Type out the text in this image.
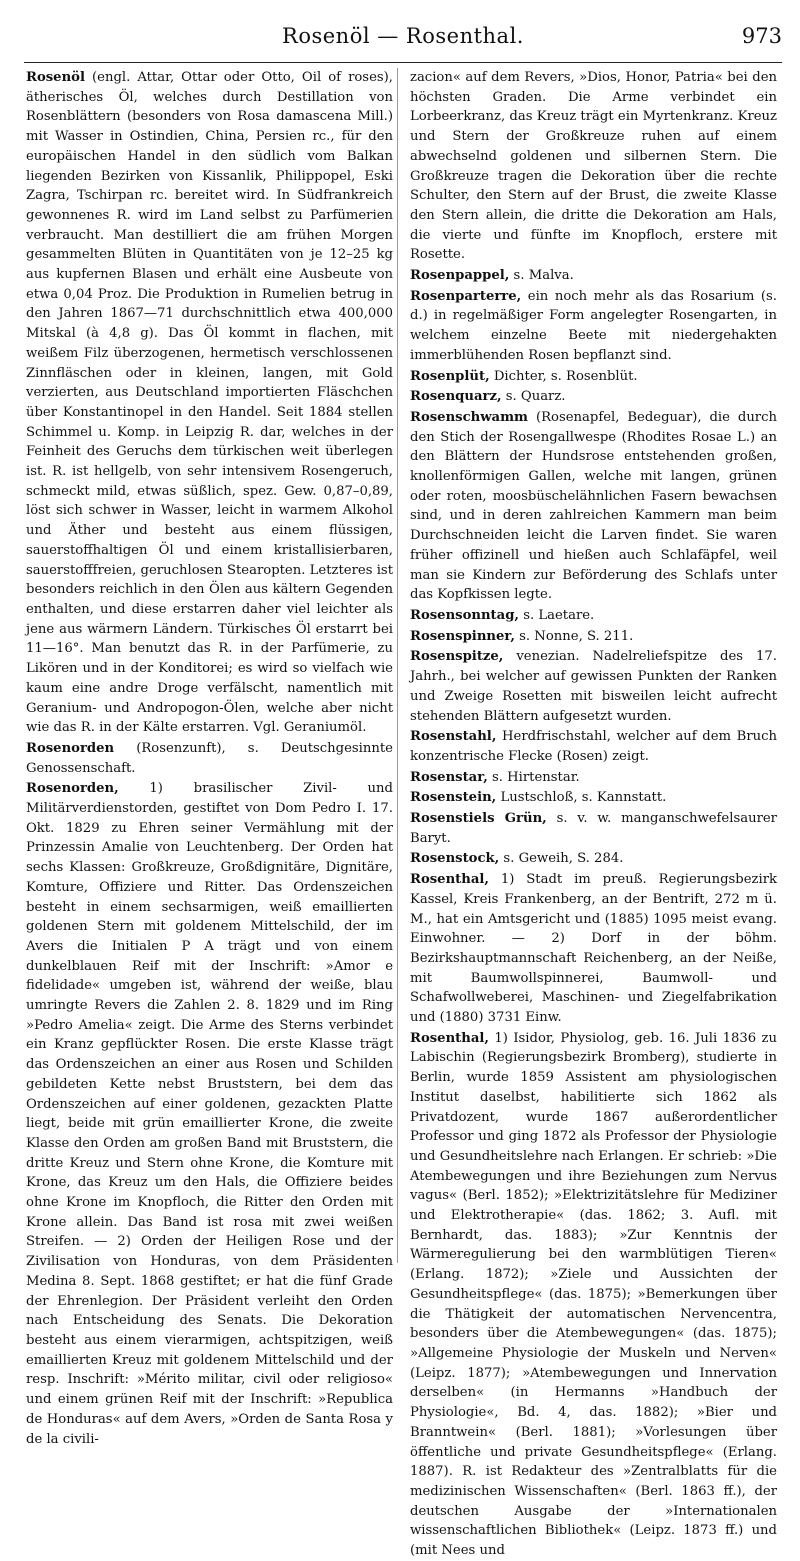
Rosenöl — Rosenthal.	973
Rosenöl (engl. Attar, Ottar oder Otto, Oil of roses), ätherisches Öl, welches durch Destillation von Rosenblättern (besonders von Rosa damascena Mill.) mit Wasser in Ostindien, China, Persien rc., für den europäischen Handel in den südlich vom Balkan liegenden Bezirken von Kissanlik, Philippopel, Eski Zagra, Tschirpan rc. bereitet wird. In Südfrankreich gewonnenes R. wird im Land selbst zu Parfümerien verbraucht. Man destilliert die am frühen Morgen gesammelten Blüten in Quantitäten von je 12–25 kg aus kupfernen Blasen und erhält eine Ausbeute von etwa 0,04 Proz. Die Produktion in Rumelien betrug in den Jahren 1867—71 durchschnittlich etwa 400,000 Mitskal (à 4,8 g). Das Öl kommt in flachen, mit weißem Filz überzogenen, hermetisch verschlossenen Zinnfläschen oder in kleinen, langen, mit Gold verzierten, aus Deutschland importierten Fläschchen über Konstantinopel in den Handel. Seit 1884 stellen Schimmel u. Komp. in Leipzig R. dar, welches in der Feinheit des Geruchs dem türkischen weit überlegen ist. R. ist hellgelb, von sehr intensivem Rosengeruch, schmeckt mild, etwas süßlich, spez. Gew. 0,87–0,89, löst sich schwer in Wasser, leicht in warmem Alkohol und Äther und besteht aus einem flüssigen, sauerstoffhaltigen Öl und einem kristallisierbaren, sauerstofffreien, geruchlosen Stearopten. Letzteres ist besonders reichlich in den Ölen aus kältern Gegenden enthalten, und diese erstarren daher viel leichter als jene aus wärmern Ländern. Türkisches Öl erstarrt bei 11—16°. Man benutzt das R. in der Parfümerie, zu Likören und in der Konditorei; es wird so vielfach wie kaum eine andre Droge verfälscht, namentlich mit Geranium- und Andropogon-Ölen, welche aber nicht wie das R. in der Kälte erstarren. Vgl. Geraniumöl.
Rosenorden (Rosenzunft), s. Deutschgesinnte Genossenschaft.
Rosenorden, 1) brasilischer Zivil- und Militärverdienstorden, gestiftet von Dom Pedro I. 17. Okt. 1829 zu Ehren seiner Vermählung mit der Prinzessin Amalie von Leuchtenberg. Der Orden hat sechs Klassen: Großkreuze, Großdignitäre, Dignitäre, Komture, Offiziere und Ritter. Das Ordenszeichen besteht in einem sechsarmigen, weiß emaillierten goldenen Stern mit goldenem Mittelschild, der im Avers die Initialen P A trägt und von einem dunkelblauen Reif mit der Inschrift: »Amor e fidelidade« umgeben ist, während der weiße, blau umringte Revers die Zahlen 2. 8. 1829 und im Ring »Pedro Amelia« zeigt. Die Arme des Sterns verbindet ein Kranz gepflückter Rosen. Die erste Klasse trägt das Ordenszeichen an einer aus Rosen und Schilden gebildeten Kette nebst Bruststern, bei dem das Ordenszeichen auf einer goldenen, gezackten Platte liegt, beide mit grün emaillierter Krone, die zweite Klasse den Orden am großen Band mit Bruststern, die dritte Kreuz und Stern ohne Krone, die Komture mit Krone, das Kreuz um den Hals, die Offiziere beides ohne Krone im Knopfloch, die Ritter den Orden mit Krone allein. Das Band ist rosa mit zwei weißen Streifen. — 2) Orden der Heiligen Rose und der Zivilisation von Honduras, von dem Präsidenten Medina 8. Sept. 1868 gestiftet; er hat die fünf Grade der Ehrenlegion. Der Präsident verleiht den Orden nach Entscheidung des Senats. Die Dekoration besteht aus einem vierarmigen, achtspitzigen, weiß emaillierten Kreuz mit goldenem Mittelschild und der resp. Inschrift: »Mérito militar, civil oder religioso« und einem grünen Reif mit der Inschrift: »Republica de Honduras« auf dem Avers, »Orden de Santa Rosa y de la civili-
zacion« auf dem Revers, »Dios, Honor, Patria« bei den höchsten Graden. Die Arme verbindet ein Lorbeerkranz, das Kreuz trägt ein Myrtenkranz. Kreuz und Stern der Großkreuze ruhen auf einem abwechselnd goldenen und silbernen Stern. Die Großkreuze tragen die Dekoration über die rechte Schulter, den Stern auf der Brust, die zweite Klasse den Stern allein, die dritte die Dekoration am Hals, die vierte und fünfte im Knopfloch, erstere mit Rosette.
Rosenpappel, s. Malva.
Rosenparterre, ein noch mehr als das Rosarium (s. d.) in regelmäßiger Form angelegter Rosengarten, in welchem einzelne Beete mit niedergehakten immerblühenden Rosen bepflanzt sind.
Rosenplüt, Dichter, s. Rosenblüt.
Rosenquarz, s. Quarz.
Rosenschwamm (Rosenapfel, Bedeguar), die durch den Stich der Rosengallwespe (Rhodites Rosae L.) an den Blättern der Hundsrose entstehenden großen, knollenförmigen Gallen, welche mit langen, grünen oder roten, moosbüschelähnlichen Fasern bewachsen sind, und in deren zahlreichen Kammern man beim Durchschneiden leicht die Larven findet. Sie waren früher offizinell und hießen auch Schlafäpfel, weil man sie Kindern zur Beförderung des Schlafs unter das Kopfkissen legte.
Rosensonntag, s. Laetare.
Rosenspinner, s. Nonne, S. 211.
Rosenspitze, venezian. Nadelreliefspitze des 17. Jahrh., bei welcher auf gewissen Punkten der Ranken und Zweige Rosetten mit bisweilen leicht aufrecht stehenden Blättern aufgesetzt wurden.
Rosenstahl, Herdfrischstahl, welcher auf dem Bruch konzentrische Flecke (Rosen) zeigt.
Rosenstar, s. Hirtenstar.
Rosenstein, Lustschloß, s. Kannstatt.
Rosenstiels Grün, s. v. w. manganschwefelsaurer Baryt.
Rosenstock, s. Geweih, S. 284.
Rosenthal, 1) Stadt im preuß. Regierungsbezirk Kassel, Kreis Frankenberg, an der Bentrift, 272 m ü. M., hat ein Amtsgericht und (1885) 1095 meist evang. Einwohner. — 2) Dorf in der böhm. Bezirkshauptmannschaft Reichenberg, an der Neiße, mit Baumwollspinnerei, Baumwoll- und Schafwollweberei, Maschinen- und Ziegelfabrikation und (1880) 3731 Einw.
Rosenthal, 1) Isidor, Physiolog, geb. 16. Juli 1836 zu Labischin (Regierungsbezirk Bromberg), studierte in Berlin, wurde 1859 Assistent am physiologischen Institut daselbst, habilitierte sich 1862 als Privatdozent, wurde 1867 außerordentlicher Professor und ging 1872 als Professor der Physiologie und Gesundheitslehre nach Erlangen. Er schrieb: »Die Atembewegungen und ihre Beziehungen zum Nervus vagus« (Berl. 1852); »Elektrizitätslehre für Mediziner und Elektrotherapie« (das. 1862; 3. Aufl. mit Bernhardt, das. 1883); »Zur Kenntnis der Wärmeregulierung bei den warmblütigen Tieren« (Erlang. 1872); »Ziele und Aussichten der Gesundheitspflege« (das. 1875); »Bemerkungen über die Thätigkeit der automatischen Nervencentra, besonders über die Atembewegungen« (das. 1875); »Allgemeine Physiologie der Muskeln und Nerven« (Leipz. 1877); »Atembewegungen und Innervation derselben« (in Hermanns »Handbuch der Physiologie«, Bd. 4, das. 1882); »Bier und Branntwein« (Berl. 1881); »Vorlesungen über öffentliche und private Gesundheitspflege« (Erlang. 1887). R. ist Redakteur des »Zentralblatts für die medizinischen Wissenschaften« (Berl. 1863 ff.), der deutschen Ausgabe der »Internationalen wissenschaftlichen Bibliothek« (Leipz. 1873 ff.) und (mit Nees und
